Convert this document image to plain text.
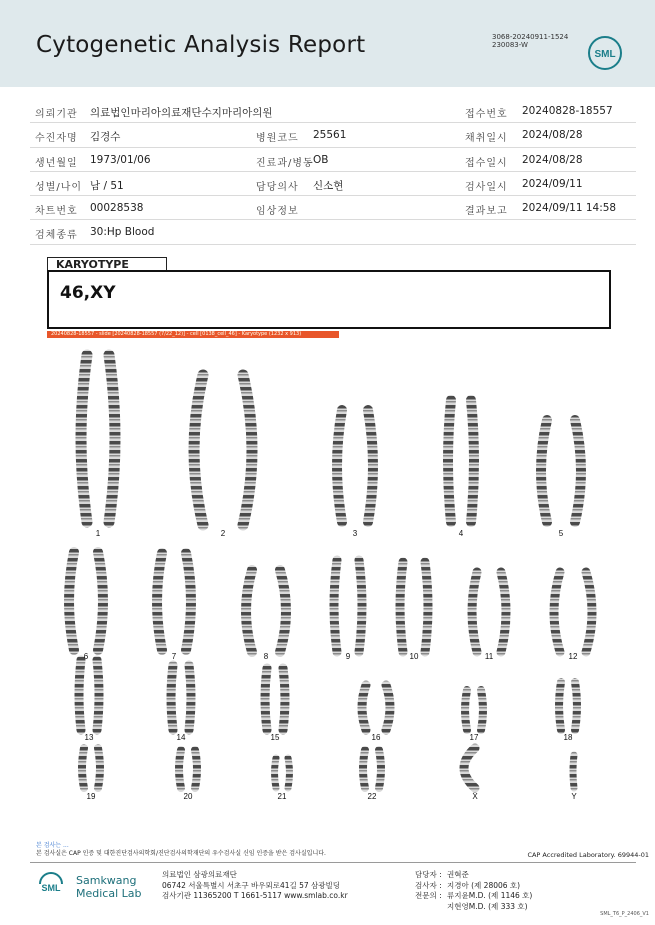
Cytogenetic Analysis Report	3068-20240911-1524
230083-W
SML
의뢰기관 의료법인마리아의료재단수지마리아의원	접수번호 20240828-18557
수진자명 김경수	병원코드 25561	채취일시 2024/08/28
생년월일 1973/01/06	진료과/병동 OB	접수일시 2024/08/28
성별/나이 남 / 51	담당의사 신소현	검사일시 2024/09/11
차트번호 00028538	임상정보	결과보고 2024/09/11 14:58
검체종류 30:Hp Blood
KARYOTYPE
46,XY
20240828-18557 - slide [20240828-18557 (7/22_12)] - cell [0138_cell_46] - Karyotype (1232 x 913)
1	2	3	4	5
6	7	8	9	10	11	12
13	14	15	16	17	18
19	20	21	22	X	Y
본 검사는 ...
본 검사실은 CAP 인증 및 대한진단검사의학회/진단검사의학재단의 우수검사실 신임 인증을 받은 검사실입니다.	CAP Accredited Laboratory. 69944-01
SML
Samkwang
Medical Lab
의료법인 삼광의료재단
06742 서울특별시 서초구 바우뫼로41길 57 삼광빌딩
검사기관 11365200 T 1661-5117 www.smlab.co.kr
담당자 : 권혁준
검사자 : 지경아 (제 28006 호)
전문의 : 류지윤M.D. (제 1146 호)
지현영M.D. (제 333 호)
SML_T6_P_2406_V1
